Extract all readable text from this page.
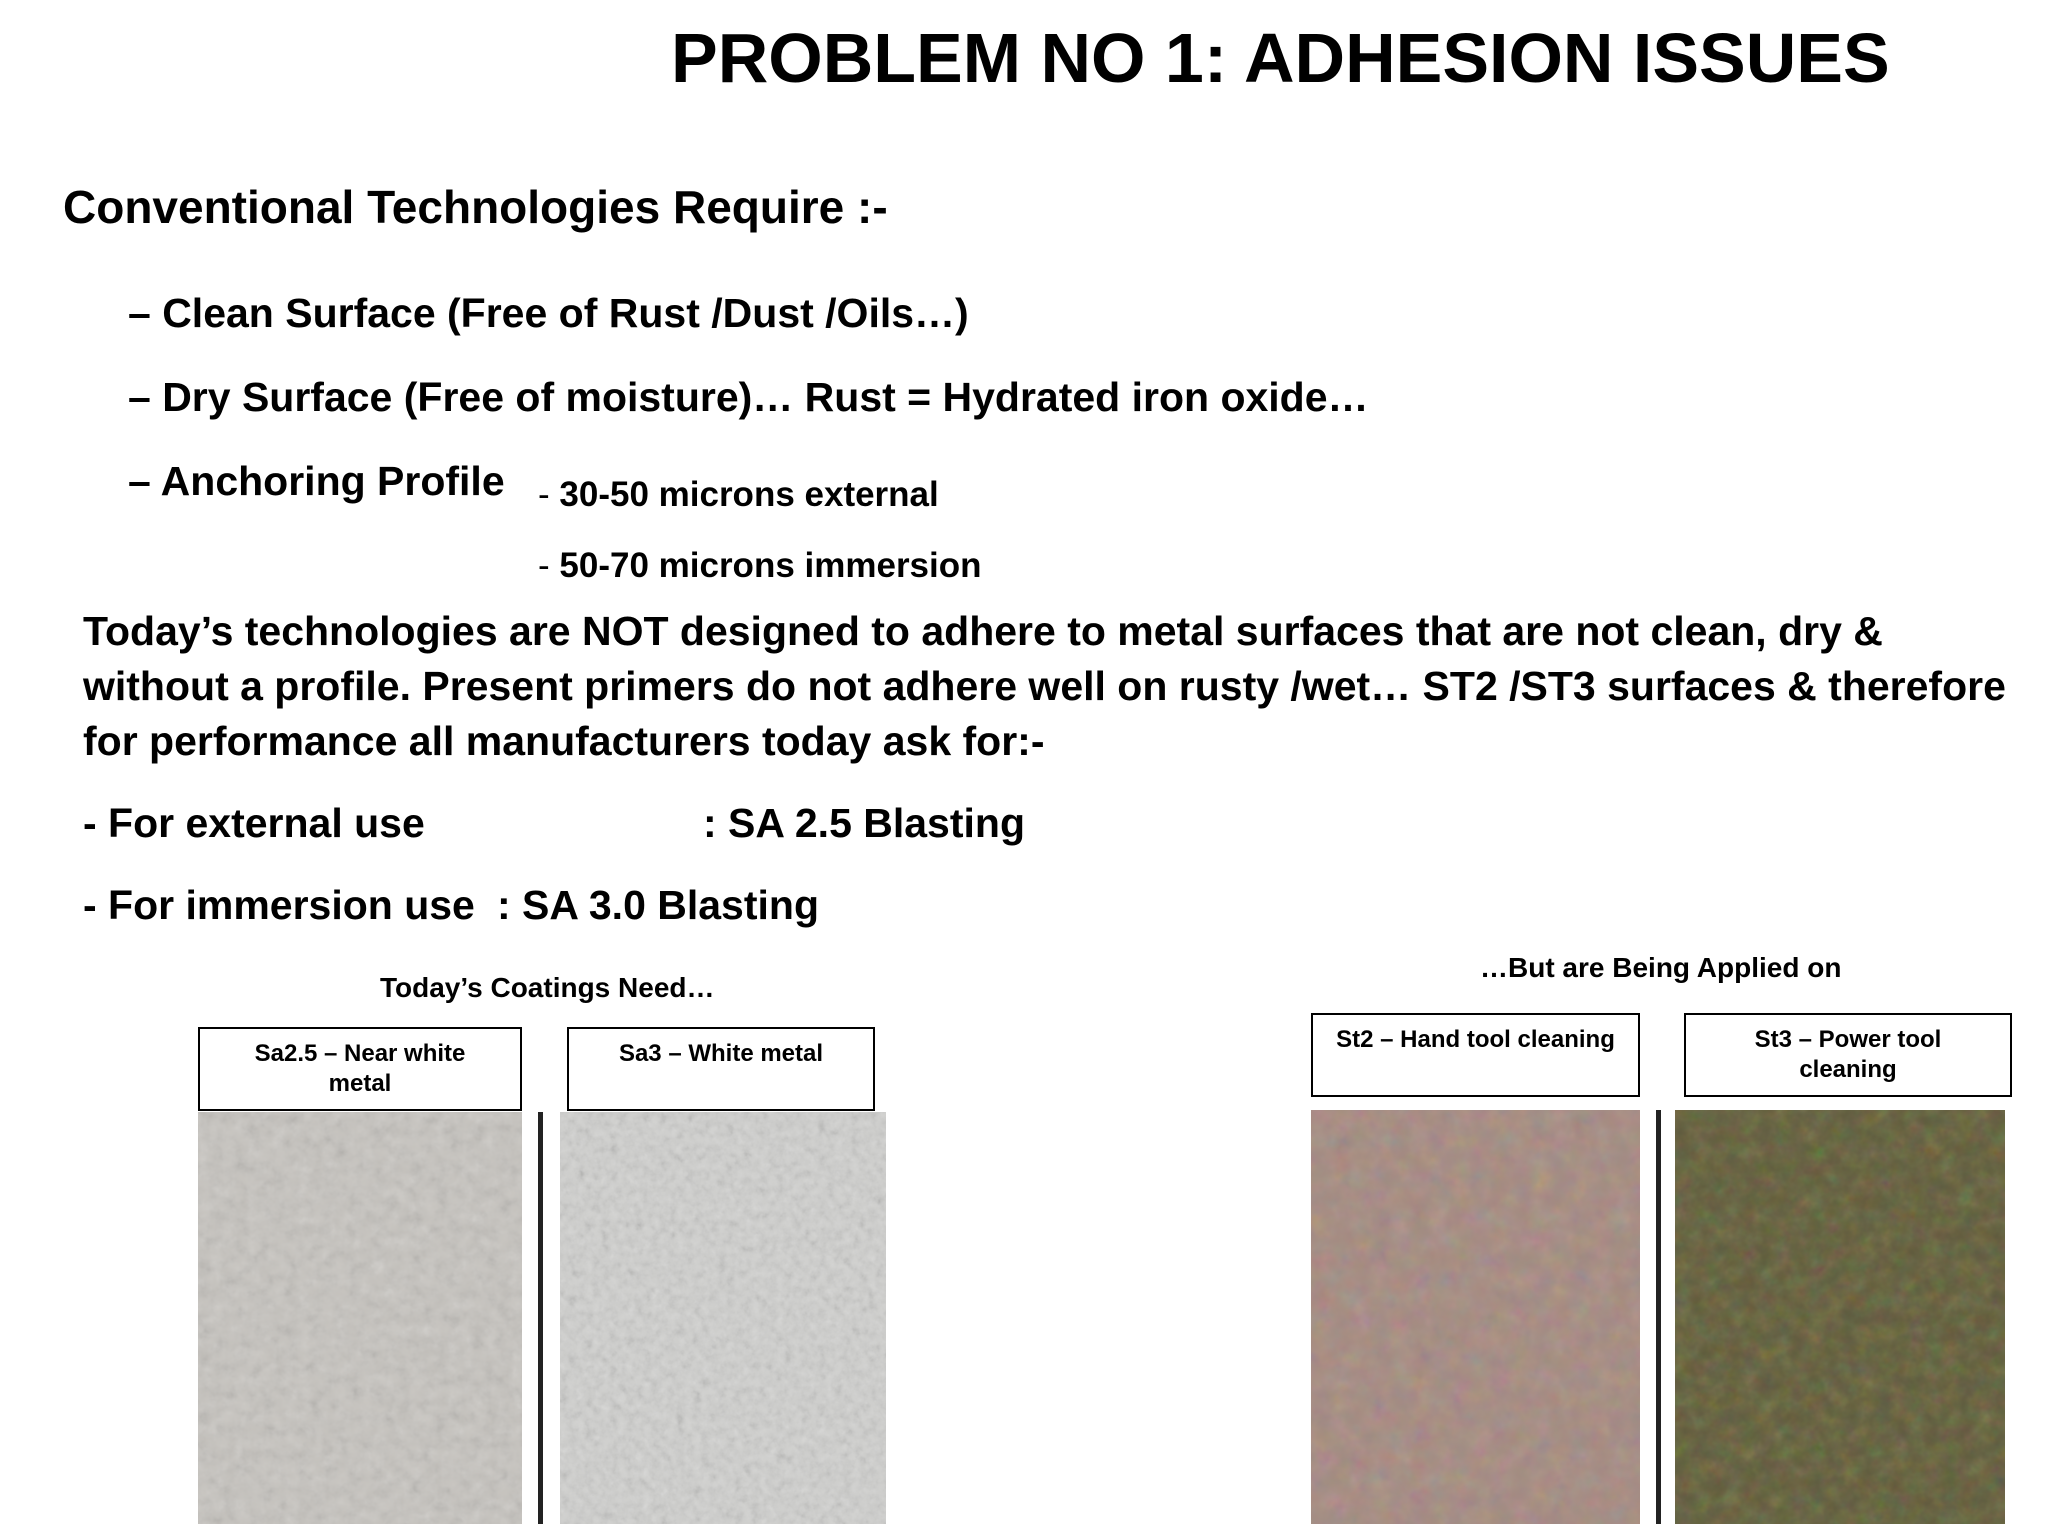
PROBLEM NO 1: ADHESION ISSUES
Conventional Technologies Require :-
– Clean Surface (Free of Rust /Dust /Oils…)
– Dry Surface (Free of moisture)… Rust = Hydrated iron oxide…
– Anchoring Profile - 30-50 microns external
- 50-70 microns immersion
Today’s technologies are NOT designed to adhere to metal surfaces that are not clean, dry & without a profile. Present primers do not adhere well on rusty /wet… ST2 /ST3 surfaces & therefore for performance all manufacturers today ask for:-
- For external use	: SA 2.5 Blasting
- For immersion use : SA 3.0 Blasting
Today’s Coatings Need…
…But are Being Applied on
Sa2.5 – Near white metal
Sa3 – White metal
St2 – Hand tool cleaning	St3 – Power tool cleaning
